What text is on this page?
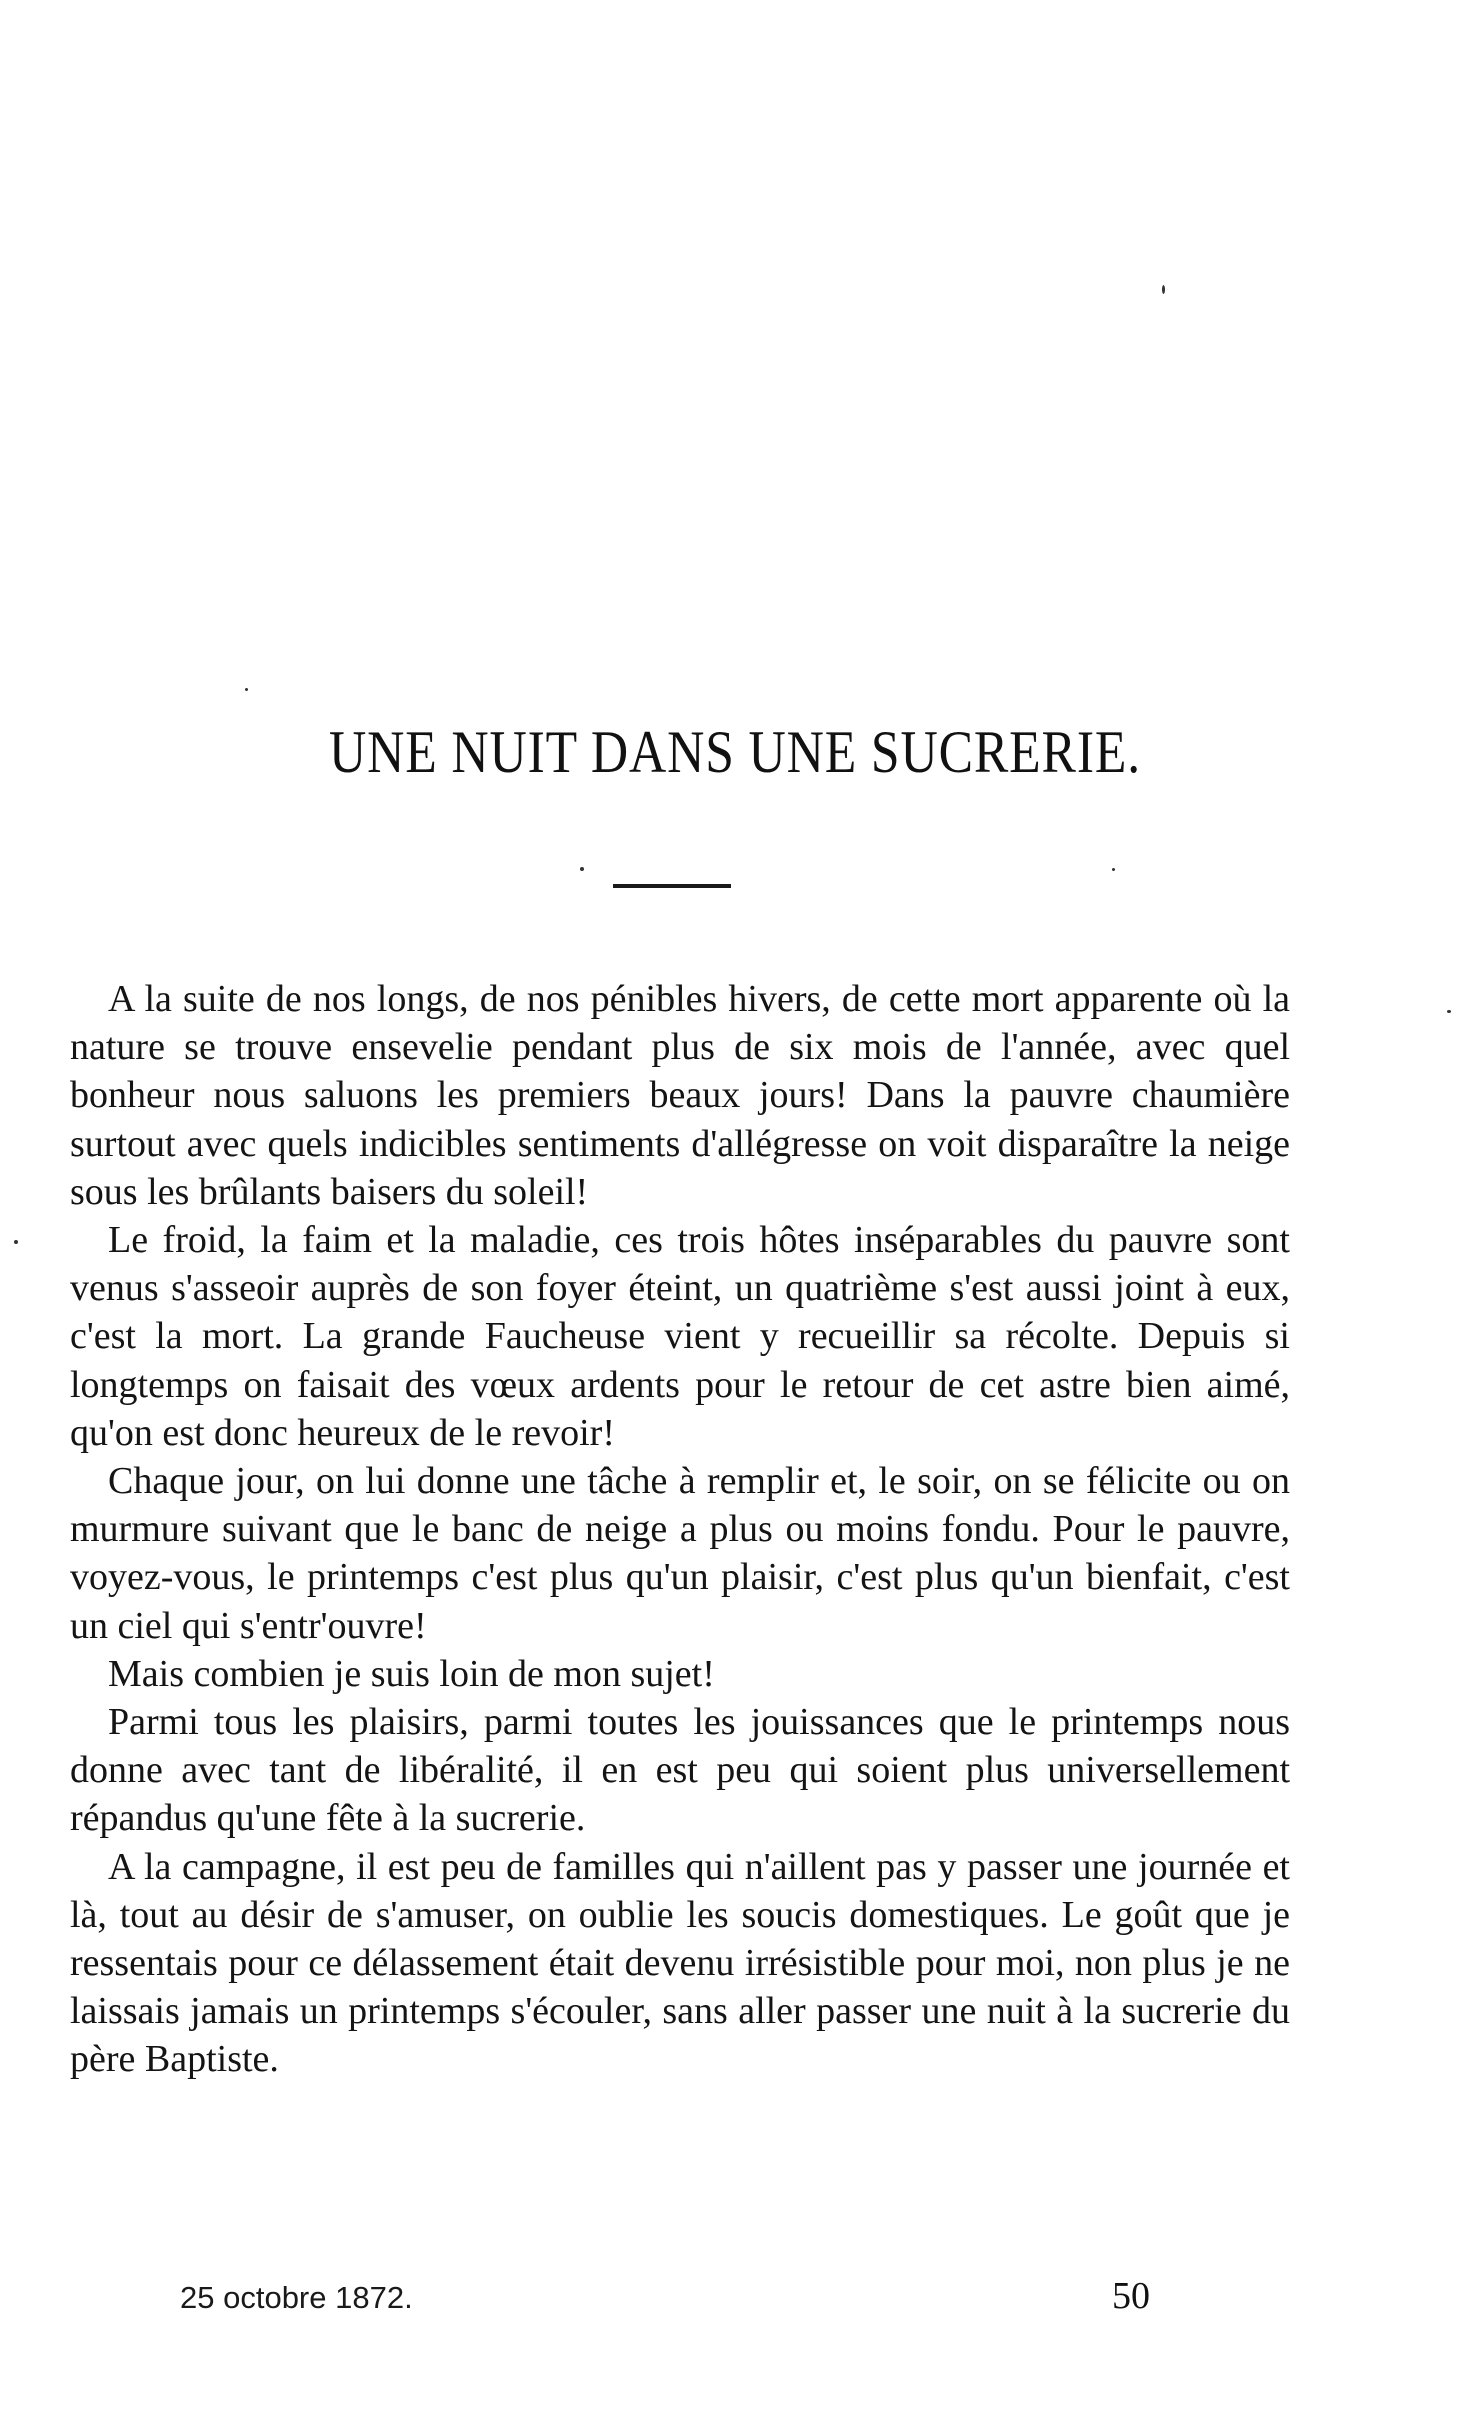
UNE NUIT DANS UNE SUCRERIE.

A la suite de nos longs, de nos pénibles hivers, de cette mort apparente où la nature se trouve ensevelie pendant plus de six mois de l'année, avec quel bonheur nous saluons les premiers beaux jours! Dans la pauvre chaumière surtout avec quels indicibles sentiments d'allégresse on voit disparaître la neige sous les brûlants baisers du soleil!

Le froid, la faim et la maladie, ces trois hôtes inséparables du pauvre sont venus s'asseoir auprès de son foyer éteint, un quatrième s'est aussi joint à eux, c'est la mort. La grande Faucheuse vient y recueillir sa récolte. Depuis si longtemps on faisait des vœux ardents pour le retour de cet astre bien aimé, qu'on est donc heureux de le revoir!

Chaque jour, on lui donne une tâche à remplir et, le soir, on se félicite ou on murmure suivant que le banc de neige a plus ou moins fondu. Pour le pauvre, voyez-vous, le printemps c'est plus qu'un plaisir, c'est plus qu'un bienfait, c'est un ciel qui s'entr'ouvre!

Mais combien je suis loin de mon sujet!

Parmi tous les plaisirs, parmi toutes les jouissances que le printemps nous donne avec tant de libéralité, il en est peu qui soient plus universellement répandus qu'une fête à la sucrerie.

A la campagne, il est peu de familles qui n'aillent pas y passer une journée et là, tout au désir de s'amuser, on oublie les soucis domestiques. Le goût que je ressentais pour ce délassement était devenu irrésistible pour moi, non plus je ne laissais jamais un printemps s'écouler, sans aller passer une nuit à la sucrerie du père Baptiste.

25 octobre 1872.	50
